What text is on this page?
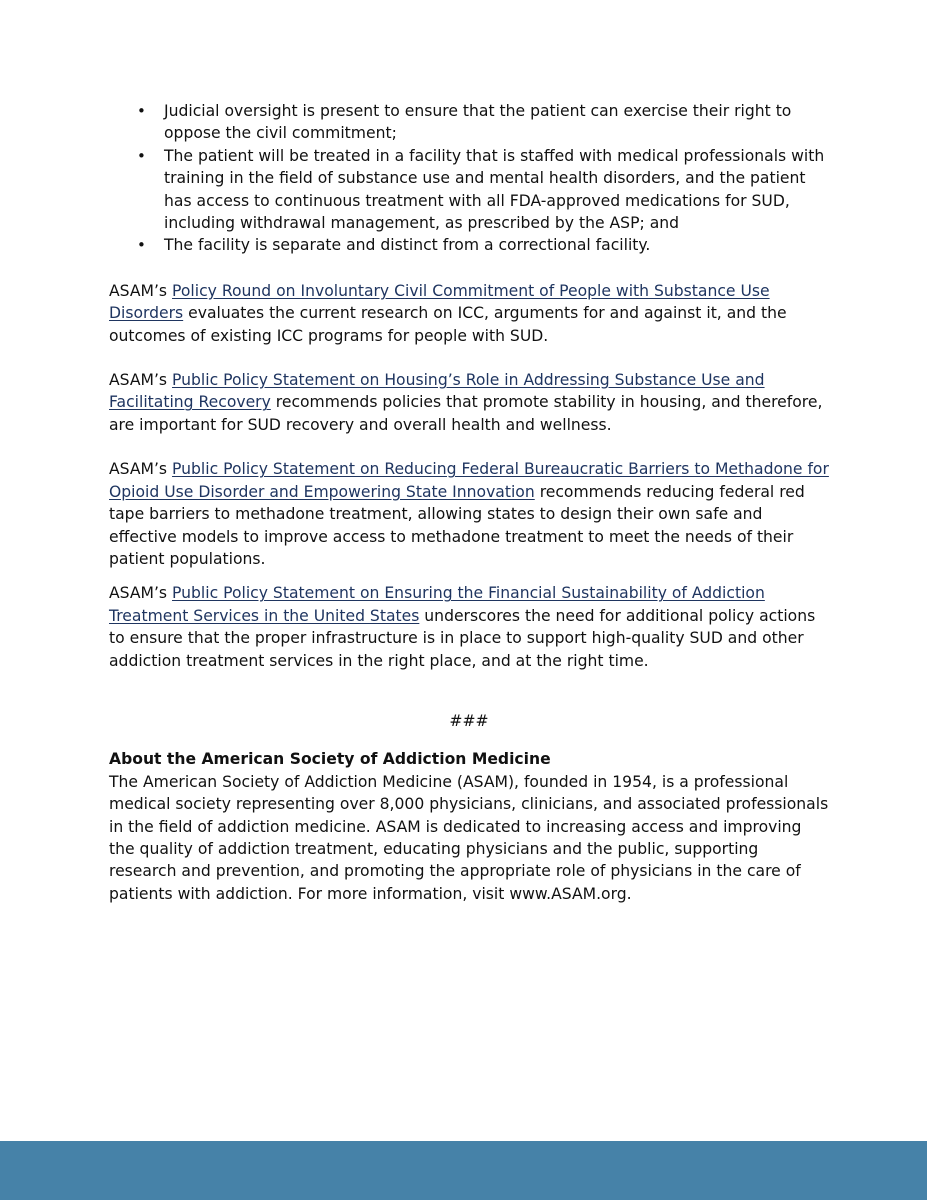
• Judicial oversight is present to ensure that the patient can exercise their right to oppose the civil commitment;
• The patient will be treated in a facility that is staffed with medical professionals with training in the field of substance use and mental health disorders, and the patient has access to continuous treatment with all FDA-approved medications for SUD, including withdrawal management, as prescribed by the ASP; and
• The facility is separate and distinct from a correctional facility.

ASAM’s Policy Round on Involuntary Civil Commitment of People with Substance Use Disorders evaluates the current research on ICC, arguments for and against it, and the outcomes of existing ICC programs for people with SUD.

ASAM’s Public Policy Statement on Housing’s Role in Addressing Substance Use and Facilitating Recovery recommends policies that promote stability in housing, and therefore, are important for SUD recovery and overall health and wellness.

ASAM’s Public Policy Statement on Reducing Federal Bureaucratic Barriers to Methadone for Opioid Use Disorder and Empowering State Innovation recommends reducing federal red tape barriers to methadone treatment, allowing states to design their own safe and effective models to improve access to methadone treatment to meet the needs of their patient populations.

ASAM’s Public Policy Statement on Ensuring the Financial Sustainability of Addiction Treatment Services in the United States underscores the need for additional policy actions to ensure that the proper infrastructure is in place to support high-quality SUD and other addiction treatment services in the right place, and at the right time.

###

About the American Society of Addiction Medicine

The American Society of Addiction Medicine (ASAM), founded in 1954, is a professional medical society representing over 8,000 physicians, clinicians, and associated professionals in the field of addiction medicine. ASAM is dedicated to increasing access and improving the quality of addiction treatment, educating physicians and the public, supporting research and prevention, and promoting the appropriate role of physicians in the care of patients with addiction. For more information, visit www.ASAM.org.
